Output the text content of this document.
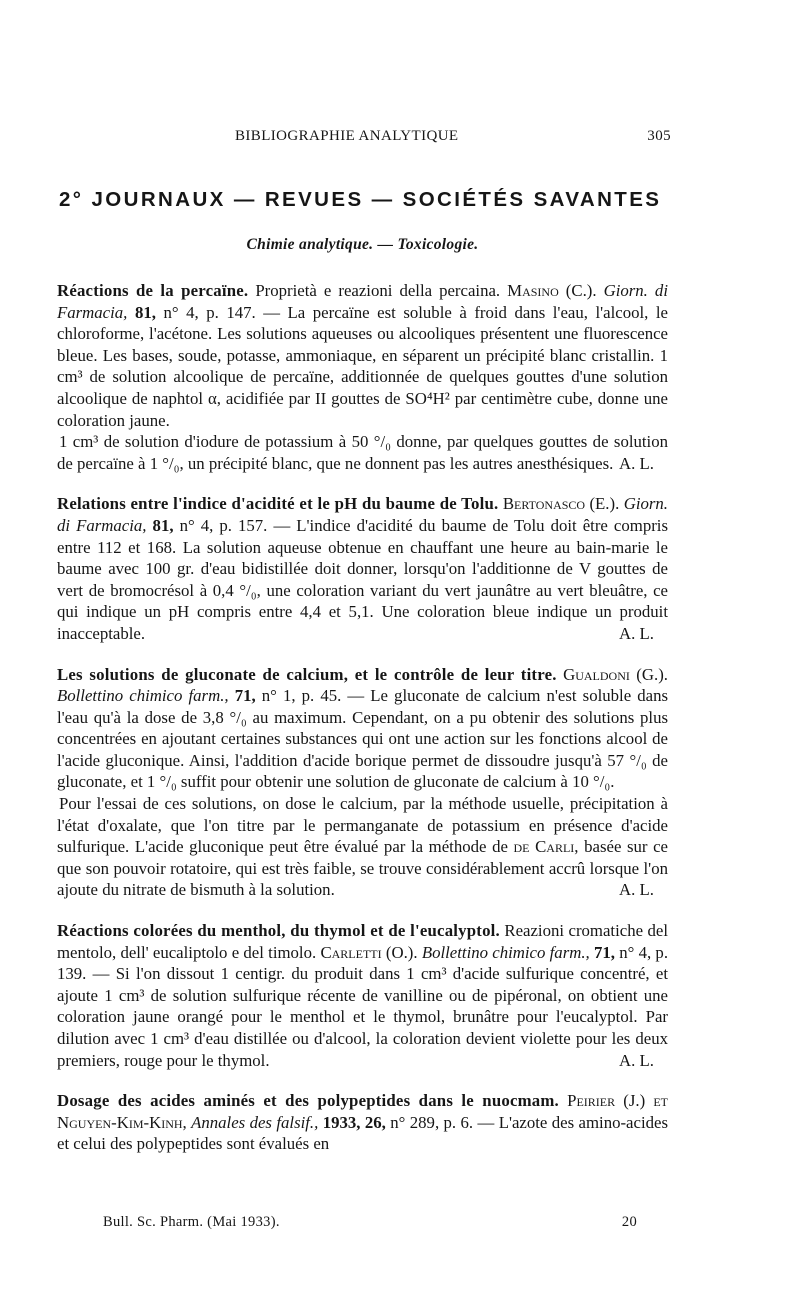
BIBLIOGRAPHIE ANALYTIQUE	305
2° JOURNAUX — REVUES — SOCIÉTÉS SAVANTES
Chimie analytique. — Toxicologie.

Réactions de la percaïne. Proprietà e reazioni della percaina. Masino (C.). Giorn. di Farmacia, 81, n° 4, p. 147. — La percaïne est soluble à froid dans l'eau, l'alcool, le chloroforme, l'acétone. Les solutions aqueuses ou alcooliques présentent une fluorescence bleue. Les bases, soude, potasse, ammoniaque, en séparent un précipité blanc cristallin. 1 cm³ de solution alcoolique de percaïne, additionnée de quelques gouttes d'une solution alcoolique de naphtol α, acidifiée par II gouttes de SO⁴H² par centimètre cube, donne une coloration jaune.

1 cm³ de solution d'iodure de potassium à 50 °/₀ donne, par quelques gouttes de solution de percaïne à 1 °/₀, un précipité blanc, que ne donnent pas les autres anesthésiques. A. L.

Relations entre l'indice d'acidité et le pH du baume de Tolu. Bertonasco (E.). Giorn. di Farmacia, 81, n° 4, p. 157. — L'indice d'acidité du baume de Tolu doit être compris entre 112 et 168. La solution aqueuse obtenue en chauffant une heure au bain-marie le baume avec 100 gr. d'eau bidistillée doit donner, lorsqu'on l'additionne de V gouttes de vert de bromocrésol à 0,4 °/₀, une coloration variant du vert jaunâtre au vert bleuâtre, ce qui indique un pH compris entre 4,4 et 5,1. Une coloration bleue indique un produit inacceptable.	A. L.

Les solutions de gluconate de calcium, et le contrôle de leur titre. Gualdoni (G.). Bollettino chimico farm., 71, n° 1, p. 45. — Le gluconate de calcium n'est soluble dans l'eau qu'à la dose de 3,8 °/₀ au maximum. Cependant, on a pu obtenir des solutions plus concentrées en ajoutant certaines substances qui ont une action sur les fonctions alcool de l'acide gluconique. Ainsi, l'addition d'acide borique permet de dissoudre jusqu'à 57 °/₀ de gluconate, et 1 °/₀ suffit pour obtenir une solution de gluconate de calcium à 10 °/₀.

Pour l'essai de ces solutions, on dose le calcium, par la méthode usuelle, précipitation à l'état d'oxalate, que l'on titre par le permanganate de potassium en présence d'acide sulfurique. L'acide gluconique peut être évalué par la méthode de de Carli, basée sur ce que son pouvoir rotatoire, qui est très faible, se trouve considérablement accrû lorsque l'on ajoute du nitrate de bismuth à la solution.	A. L.

Réactions colorées du menthol, du thymol et de l'eucalyptol. Reazioni cromatiche del mentolo, dell' eucaliptolo e del timolo. Carletti (O.). Bollettino chimico farm., 71, n° 4, p. 139. — Si l'on dissout 1 centigr. du produit dans 1 cm³ d'acide sulfurique concentré, et ajoute 1 cm³ de solution sulfurique récente de vanilline ou de pipéronal, on obtient une coloration jaune orangé pour le menthol et le thymol, brunâtre pour l'eucalyptol. Par dilution avec 1 cm³ d'eau distillée ou d'alcool, la coloration devient violette pour les deux premiers, rouge pour le thymol.	A. L.

Dosage des acides aminés et des polypeptides dans le nuocmam. Peirier (J.) et Nguyen-Kim-Kinh, Annales des falsif., 1933, 26, n° 289, p. 6. — L'azote des amino-acides et celui des polypeptides sont évalués en

Bull. Sc. Pharm. (Mai 1933).	20
